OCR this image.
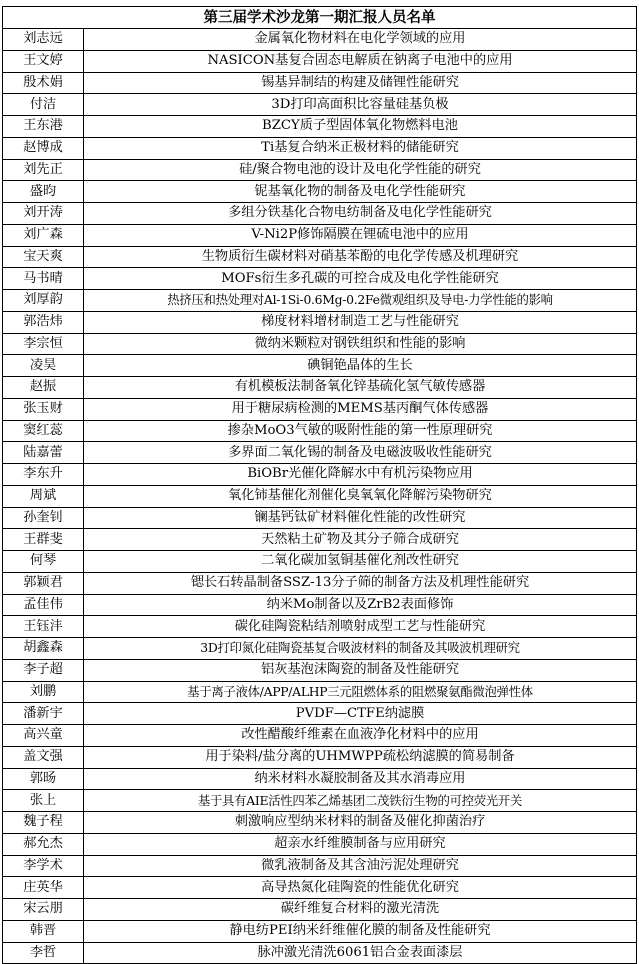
第三届学术沙龙第一期汇报人员名单	
刘志远	金属氧化物材料在电化学领域的应用
王文婷	NASICON基复合固态电解质在钠离子电池中的应用
殷术娟	锡基异制结的构建及储锂性能研究
付洁	3D打印高面积比容量硅基负极
王东港	BZCY质子型固体氧化物燃料电池
赵博成	Ti基复合纳米正极材料的储能研究
刘先正	硅/聚合物电池的设计及电化学性能的研究
盛昀	铌基氧化物的制备及电化学性能研究
刘开涛	多组分铁基化合物电纺制备及电化学性能研究
刘广森	V-Ni2P修饰隔膜在锂硫电池中的应用
宝天爽	生物质衍生碳材料对硝基苯酚的电化学传感及机理研究
马书晴	MOFs衍生多孔碳的可控合成及电化学性能研究
刘厚韵	热挤压和热处理对Al-1Si-0.6Mg-0.2Fe微观组织及导电-力学性能的影响
郭浩炜	梯度材料增材制造工艺与性能研究
李宗恒	微纳米颗粒对钢铁组织和性能的影响
凌昊	碘铜铯晶体的生长
赵振	有机模板法制备氧化锌基硫化氢气敏传感器
张玉财	用于糖尿病检测的MEMS基丙酮气体传感器
窦红蕊	掺杂MoO3气敏的吸附性能的第一性原理研究
陆嘉蕾	多界面二氧化锡的制备及电磁波吸收性能研究
李东升	BiOBr光催化降解水中有机污染物应用
周斌	氧化铈基催化剂催化臭氧氧化降解污染物研究
孙奎钊	镧基钙钛矿材料催化性能的改性研究
王群斐	天然粘土矿物及其分子筛合成研究
何琴	二氧化碳加氢铜基催化剂改性研究
郭颖君	锶长石转晶制备SSZ-13分子筛的制备方法及机理性能研究
孟佳伟	纳米Mo制备以及ZrB2表面修饰
王钰沣	碳化硅陶瓷粘结剂喷射成型工艺与性能研究
胡鑫森	3D打印氮化硅陶瓷基复合吸波材料的制备及其吸波机理研究
李子超	铝灰基泡沫陶瓷的制备及性能研究
刘鹏	基于离子液体/APP/ALHP三元阻燃体系的阻燃聚氨酯微泡弹性体
潘新宇	PVDF—CTFE纳滤膜
高兴童	改性醋酸纤维素在血液净化材料中的应用
盖文强	用于染料/盐分离的UHMWPP疏松纳滤膜的简易制备
郭旸	纳米材料水凝胶制备及其水消毒应用
张上	基于具有AIE活性四苯乙烯基团二茂铁衍生物的可控荧光开关
魏子程	刺激响应型纳米材料的制备及催化抑菌治疗
郝允杰	超亲水纤维膜制备与应用研究
李学术	微乳液制备及其含油污泥处理研究
庄英华	高导热氮化硅陶瓷的性能优化研究
宋云朋	碳纤维复合材料的激光清洗
韩晋	静电纺PEI纳米纤维催化膜的制备及性能研究
李哲	脉冲激光清洗6061铝合金表面漆层
